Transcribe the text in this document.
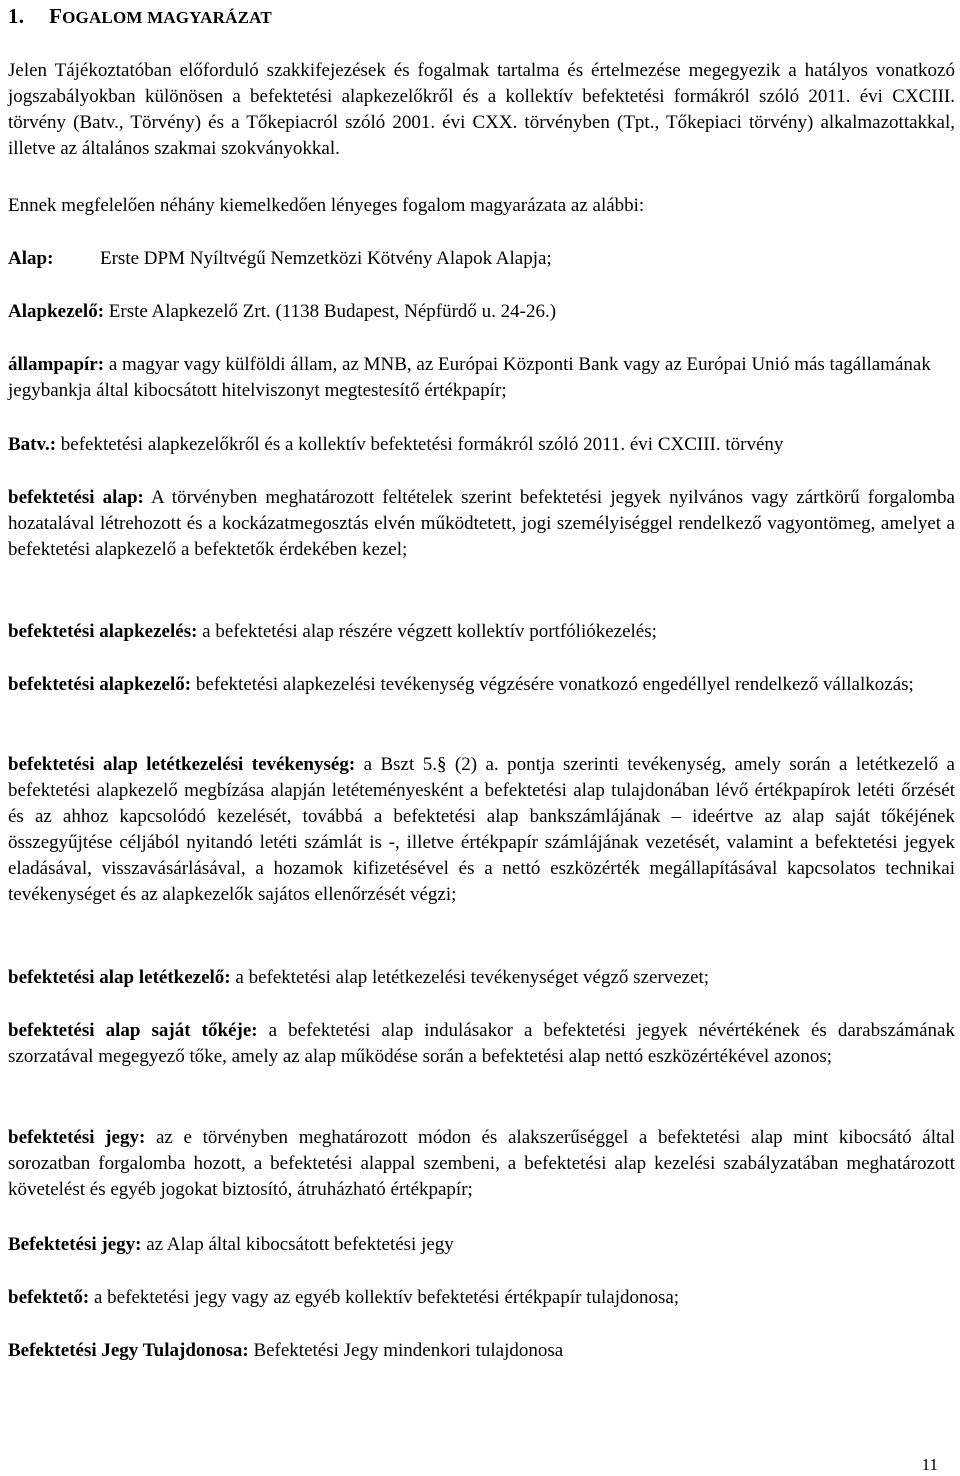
1. FOGALOM MAGYARÁZAT

Jelen Tájékoztatóban előforduló szakkifejezések és fogalmak tartalma és értelmezése megegyezik a hatályos vonatkozó jogszabályokban különösen a befektetési alapkezelőkről és a kollektív befektetési formákról szóló 2011. évi CXCIII. törvény (Batv., Törvény) és a Tőkepiacról szóló 2001. évi CXX. törvényben (Tpt., Tőkepiaci törvény) alkalmazottakkal, illetve az általános szakmai szokványokkal.

Ennek megfelelően néhány kiemelkedően lényeges fogalom magyarázata az alábbi:

Alap: Erste DPM Nyíltvégű Nemzetközi Kötvény Alapok Alapja;
Alapkezelő: Erste Alapkezelő Zrt. (1138 Budapest, Népfürdő u. 24-26.)

állampapír: a magyar vagy külföldi állam, az MNB, az Európai Központi Bank vagy az Európai Unió más tagállamának jegybankja által kibocsátott hitelviszonyt megtestesítő értékpapír;

Batv.: befektetési alapkezelőkről és a kollektív befektetési formákról szóló 2011. évi CXCIII. törvény

befektetési alap: A törvényben meghatározott feltételek szerint befektetési jegyek nyilvános vagy zártkörű forgalomba hozatalával létrehozott és a kockázatmegosztás elvén működtetett, jogi személyiséggel rendelkező vagyontömeg, amelyet a befektetési alapkezelő a befektetők érdekében kezel;

befektetési alapkezelés: a befektetési alap részére végzett kollektív portfóliókezelés;

befektetési alapkezelő: befektetési alapkezelési tevékenység végzésére vonatkozó engedéllyel rendelkező vállalkozás;

befektetési alap letétkezelési tevékenység: a Bszt 5.§ (2) a. pontja szerinti tevékenység, amely során a letétkezelő a befektetési alapkezelő megbízása alapján letéteményesként a befektetési alap tulajdonában lévő értékpapírok letéti őrzését és az ahhoz kapcsolódó kezelését, továbbá a befektetési alap bankszámlájának – ideértve az alap saját tőkéjének összegyűjtése céljából nyitandó letéti számlát is -, illetve értékpapír számlájának vezetését, valamint a befektetési jegyek eladásával, visszavásárlásával, a hozamok kifizetésével és a nettó eszközérték megállapításával kapcsolatos technikai tevékenységet és az alapkezelők sajátos ellenőrzését végzi;

befektetési alap letétkezelő: a befektetési alap letétkezelési tevékenységet végző szervezet;

befektetési alap saját tőkéje: a befektetési alap indulásakor a befektetési jegyek névértékének és darabszámának szorzatával megegyező tőke, amely az alap működése során a befektetési alap nettó eszközértékével azonos;

befektetési jegy: az e törvényben meghatározott módon és alakszerűséggel a befektetési alap mint kibocsátó által sorozatban forgalomba hozott, a befektetési alappal szembeni, a befektetési alap kezelési szabályzatában meghatározott követelést és egyéb jogokat biztosító, átruházható értékpapír;

Befektetési jegy: az Alap által kibocsátott befektetési jegy
befektető: a befektetési jegy vagy az egyéb kollektív befektetési értékpapír tulajdonosa;
Befektetési Jegy Tulajdonosa: Befektetési Jegy mindenkori tulajdonosa
11
